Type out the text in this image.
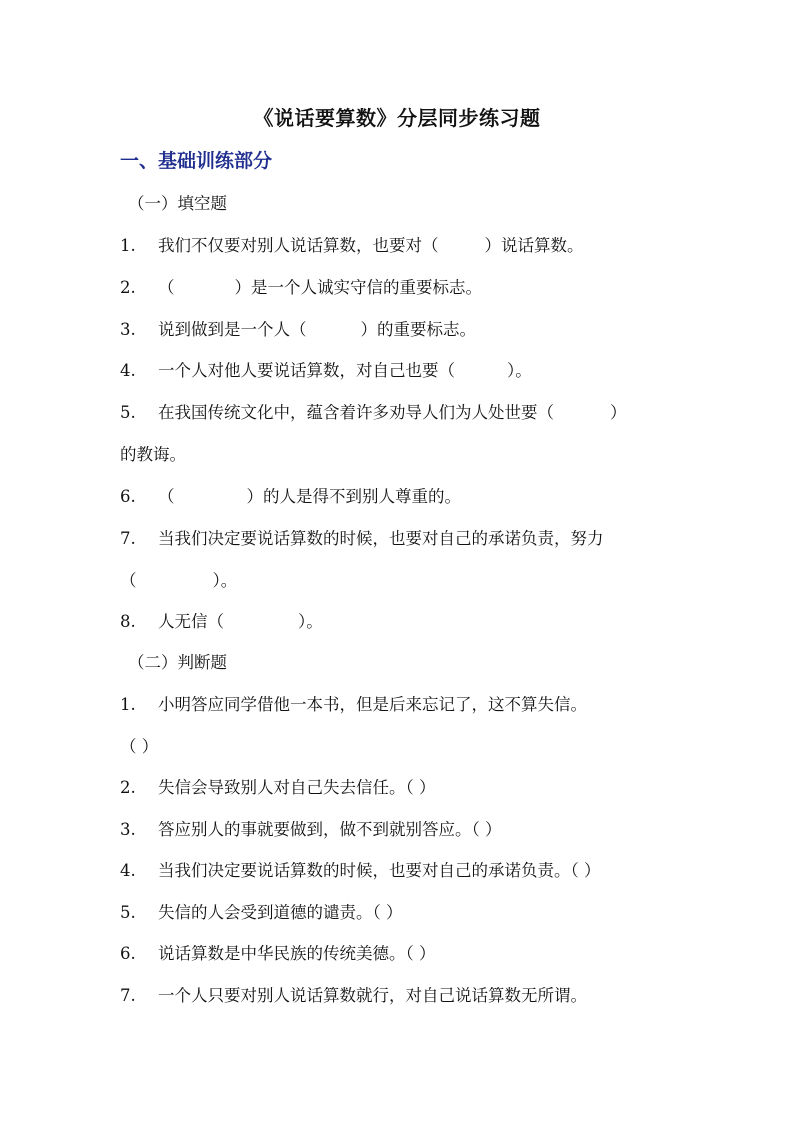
《说话要算数》分层同步练习题
一、基础训练部分
（一）填空题
1. 我们不仅要对别人说话算数，也要对（	）说话算数。
2. （	）是一个人诚实守信的重要标志。
3. 说到做到是一个人（	）的重要标志。
4. 一个人对他人要说话算数，对自己也要（	）。
5. 在我国传统文化中，蕴含着许多劝导人们为人处世要（	）
的教诲。
6. （	）的人是得不到别人尊重的。
7. 当我们决定要说话算数的时候，也要对自己的承诺负责，努力
（	）。
8. 人无信（	）。
（二）判断题
1. 小明答应同学借他一本书，但是后来忘记了，这不算失信。
（ ）
2. 失信会导致别人对自己失去信任。（ ）
3. 答应别人的事就要做到，做不到就别答应。（ ）
4. 当我们决定要说话算数的时候，也要对自己的承诺负责。（ ）
5. 失信的人会受到道德的谴责。（ ）
6. 说话算数是中华民族的传统美德。（ ）
7. 一个人只要对别人说话算数就行，对自己说话算数无所谓。
